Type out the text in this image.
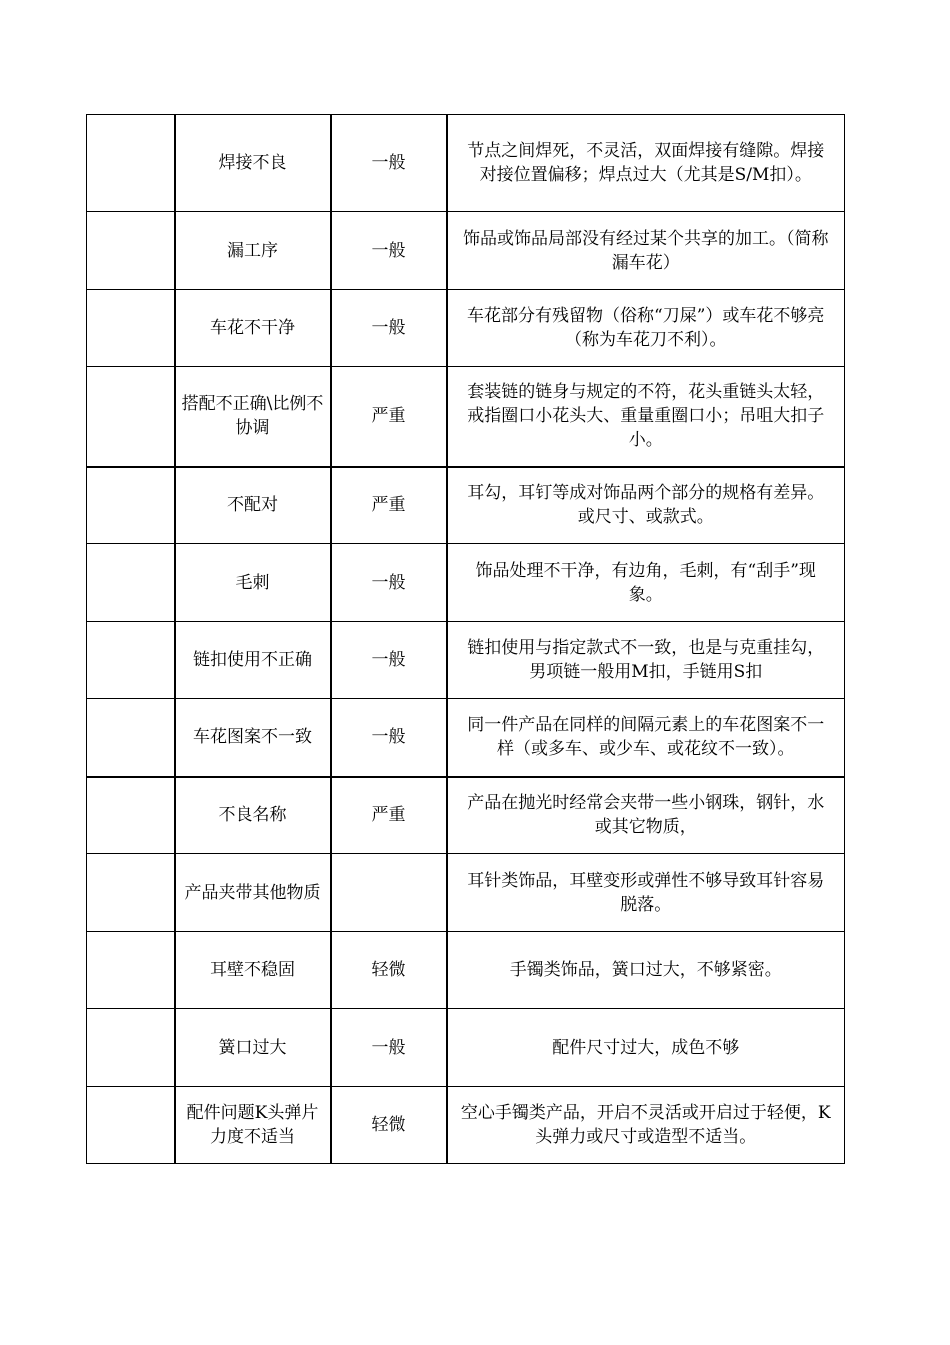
	焊接不良	一般	节点之间焊死，不灵活，双面焊接有缝隙。焊接对接位置偏移；焊点过大（尤其是S/M扣）。
	漏工序	一般	饰品或饰品局部没有经过某个共享的加工。（简称漏车花）
	车花不干净	一般	车花部分有残留物（俗称“刀屎”）或车花不够亮（称为车花刀不利）。
	搭配不正确\比例不协调	严重	套装链的链身与规定的不符，花头重链头太轻，戒指圈口小花头大、重量重圈口小；吊咀大扣子小。
	不配对	严重	耳勾，耳钉等成对饰品两个部分的规格有差异。或尺寸、或款式。
	毛刺	一般	饰品处理不干净，有边角，毛刺，有“刮手”现象。
	链扣使用不正确	一般	链扣使用与指定款式不一致，也是与克重挂勾，男项链一般用M扣，手链用S扣
	车花图案不一致	一般	同一件产品在同样的间隔元素上的车花图案不一样（或多车、或少车、或花纹不一致）。
	不良名称	严重	产品在抛光时经常会夹带一些小钢珠，钢针，水或其它物质，
	产品夹带其他物质		耳针类饰品，耳壁变形或弹性不够导致耳针容易脱落。
	耳壁不稳固	轻微	手镯类饰品，簧口过大，不够紧密。
	簧口过大	一般	配件尺寸过大，成色不够
	配件问题K头弹片力度不适当	轻微	空心手镯类产品，开启不灵活或开启过于轻便，K头弹力或尺寸或造型不适当。
